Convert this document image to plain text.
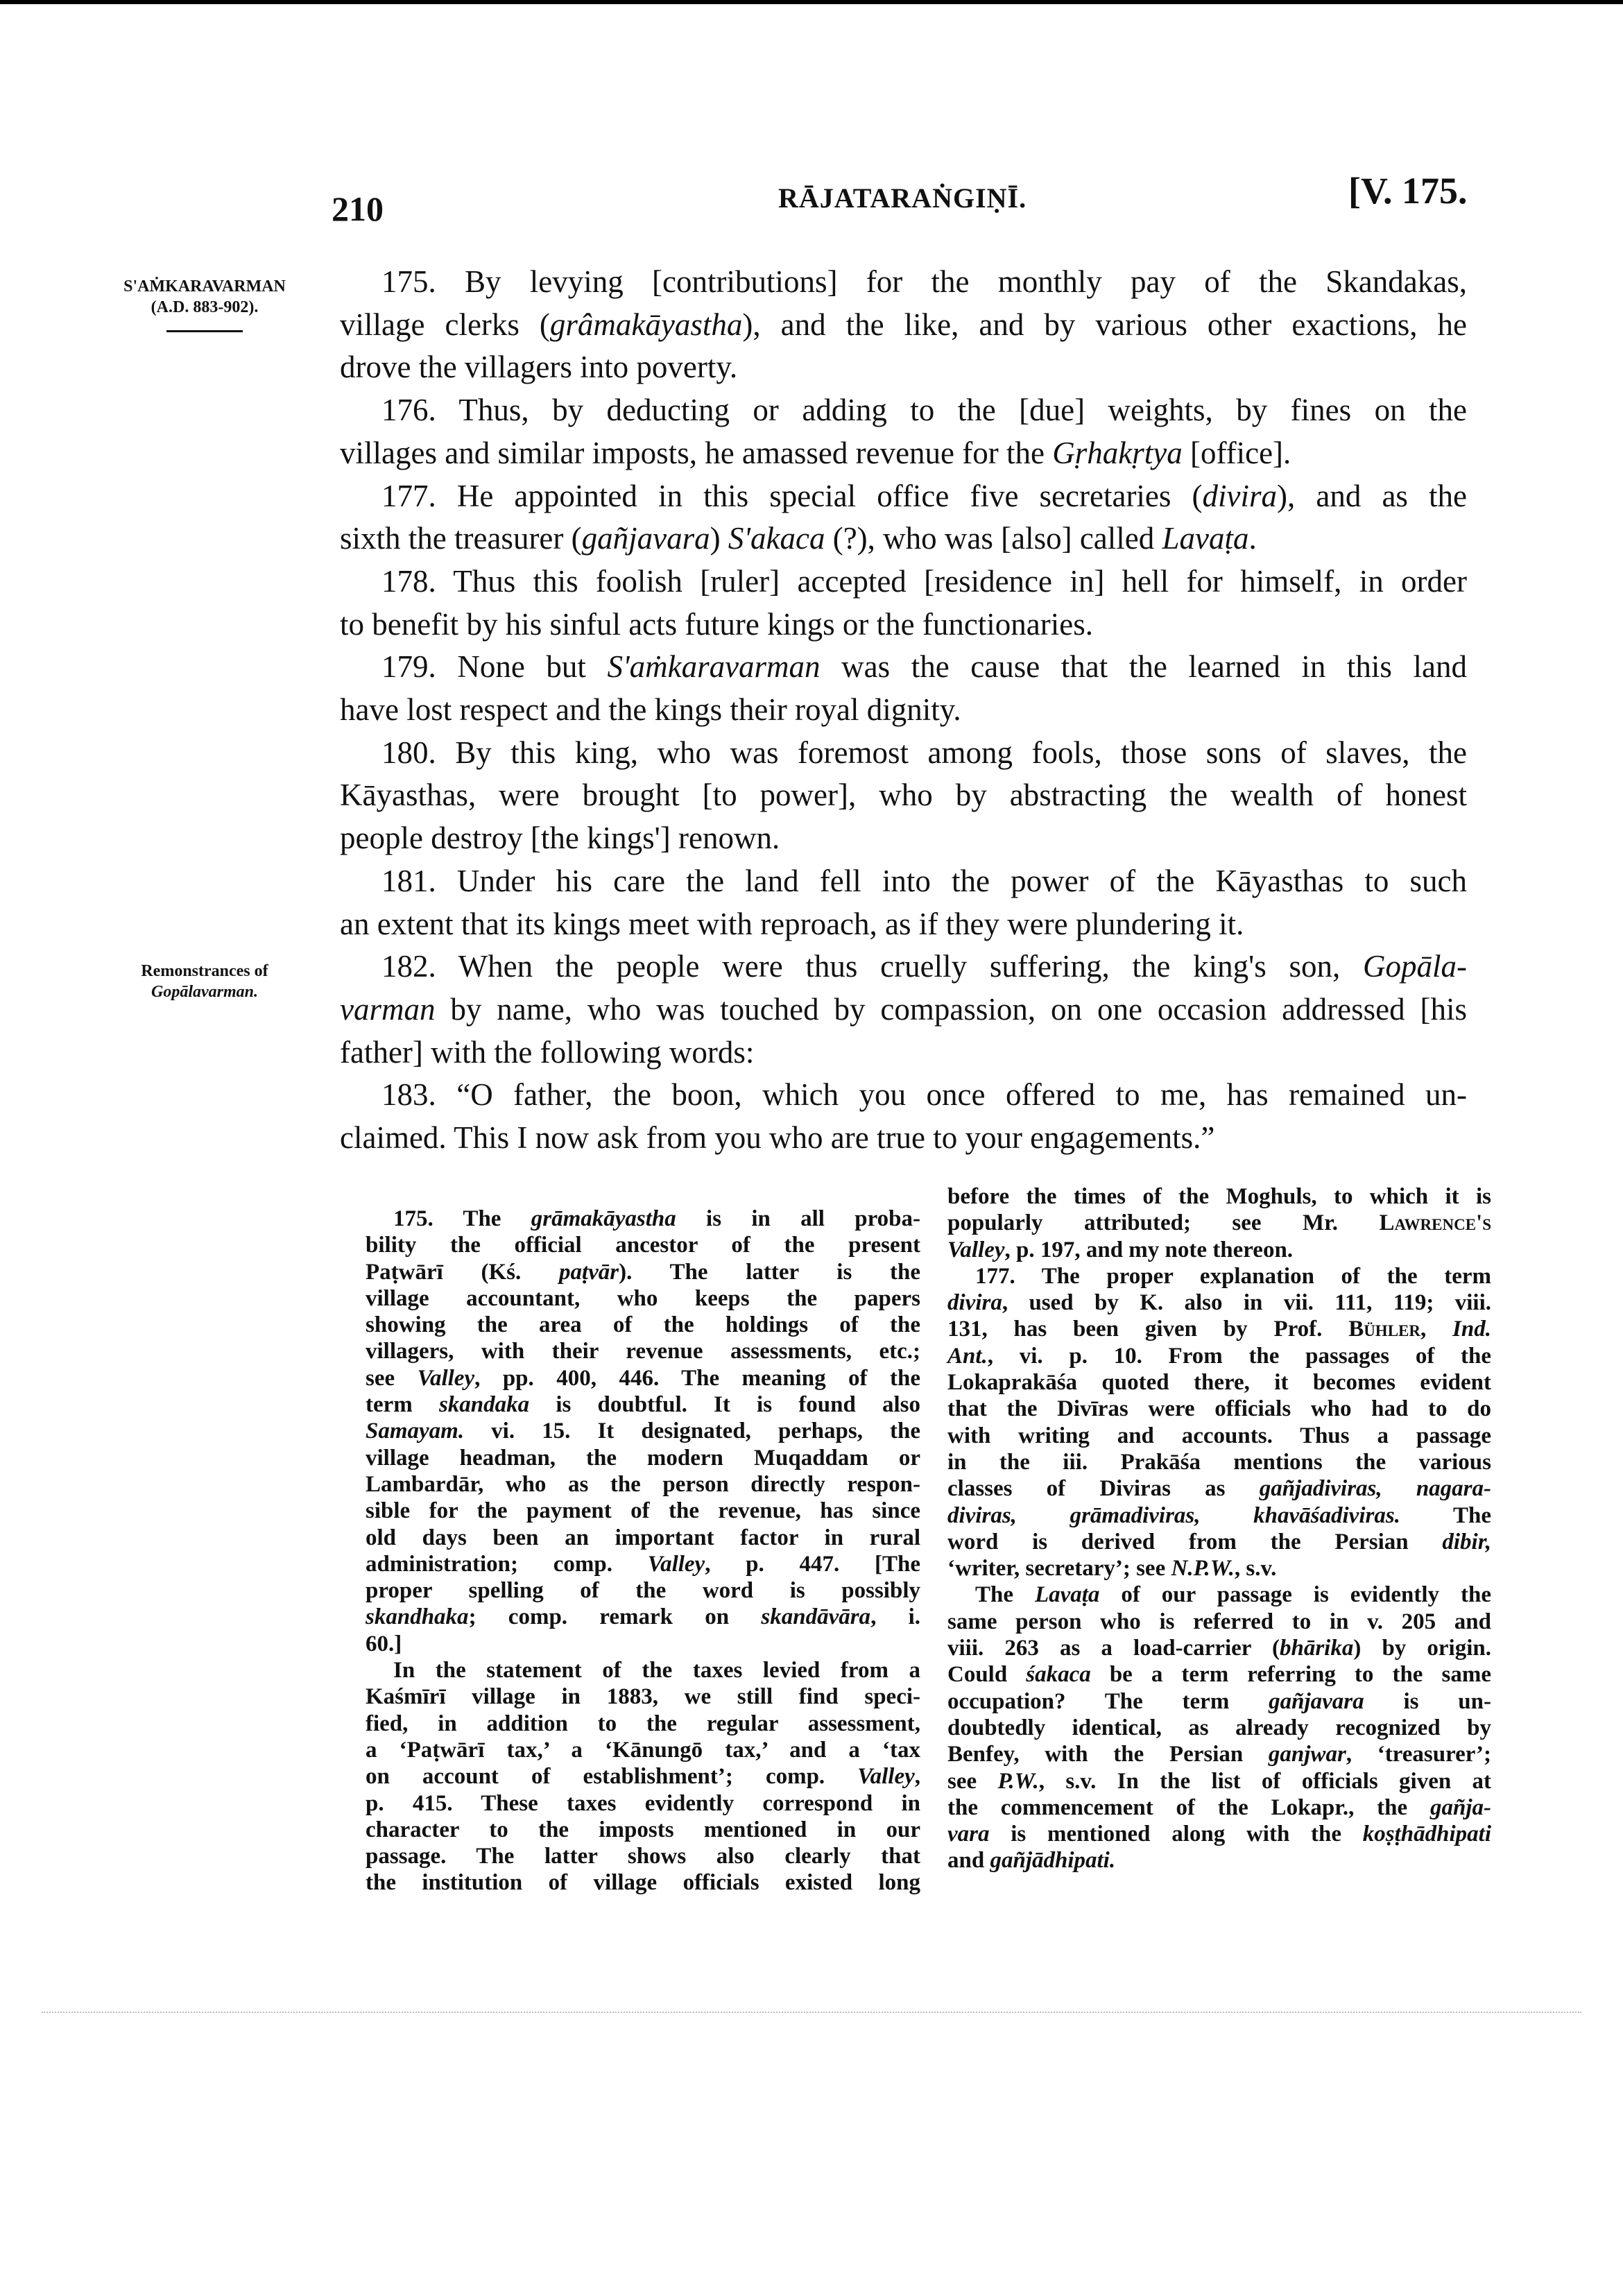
210	RĀJATARAṄGIṆĪ.	[V. 175.
S'AṀKARAVARMAN
(A.D. 883-902).
Remonstrances of
Gopālavarman.
175. By levying [contributions] for the monthly pay of the Skandakas,
village clerks (grâmakāyastha), and the like, and by various other exactions, he
drove the villagers into poverty.
176. Thus, by deducting or adding to the [due] weights, by fines on the
villages and similar imposts, he amassed revenue for the Gṛhakṛtya [office].
177. He appointed in this special office five secretaries (divira), and as the
sixth the treasurer (gañjavara) S'akaca (?), who was [also] called Lavaṭa.
178. Thus this foolish [ruler] accepted [residence in] hell for himself, in order
to benefit by his sinful acts future kings or the functionaries.
179. None but S'aṁkaravarman was the cause that the learned in this land
have lost respect and the kings their royal dignity.
180. By this king, who was foremost among fools, those sons of slaves, the
Kāyasthas, were brought [to power], who by abstracting the wealth of honest
people destroy [the kings'] renown.
181. Under his care the land fell into the power of the Kāyasthas to such
an extent that its kings meet with reproach, as if they were plundering it.
182. When the people were thus cruelly suffering, the king's son, Gopāla-
varman by name, who was touched by compassion, on one occasion addressed [his
father] with the following words:
183. “O father, the boon, which you once offered to me, has remained un-
claimed. This I now ask from you who are true to your engagements.”
175. The grāmakāyastha is in all proba-
bility the official ancestor of the present
Paṭwārī (Kś. paṭvār). The latter is the
village accountant, who keeps the papers
showing the area of the holdings of the
villagers, with their revenue assessments, etc.;
see Valley, pp. 400, 446. The meaning of the
term skandaka is doubtful. It is found also
Samayam. vi. 15. It designated, perhaps, the
village headman, the modern Muqaddam or
Lambardār, who as the person directly respon-
sible for the payment of the revenue, has since
old days been an important factor in rural
administration; comp. Valley, p. 447. [The
proper spelling of the word is possibly
skandhaka; comp. remark on skandāvāra, i.
60.]
In the statement of the taxes levied from a
Kaśmīrī village in 1883, we still find speci-
fied, in addition to the regular assessment,
a ‘Paṭwārī tax,’ a ‘Kānungō tax,’ and a ‘tax
on account of establishment’; comp. Valley,
p. 415. These taxes evidently correspond in
character to the imposts mentioned in our
passage. The latter shows also clearly that
the institution of village officials existed long
before the times of the Moghuls, to which it is
popularly attributed; see Mr. Lawrence's
Valley, p. 197, and my note thereon.
177. The proper explanation of the term
divira, used by K. also in vii. 111, 119; viii.
131, has been given by Prof. Bühler, Ind.
Ant., vi. p. 10. From the passages of the
Lokaprakāśa quoted there, it becomes evident
that the Divīras were officials who had to do
with writing and accounts. Thus a passage
in the iii. Prakāśa mentions the various
classes of Diviras as gañjadiviras, nagara-
diviras, grāmadiviras, khavāśadiviras. The
word is derived from the Persian dibir,
‘writer, secretary’; see N.P.W., s.v.
The Lavaṭa of our passage is evidently the
same person who is referred to in v. 205 and
viii. 263 as a load-carrier (bhārika) by origin.
Could śakaca be a term referring to the same
occupation? The term gañjavara is un-
doubtedly identical, as already recognized by
Benfey, with the Persian ganjwar, ‘treasurer’;
see P.W., s.v. In the list of officials given at
the commencement of the Lokapr., the gañja-
vara is mentioned along with the koṣṭhādhipati
and gañjādhipati.
